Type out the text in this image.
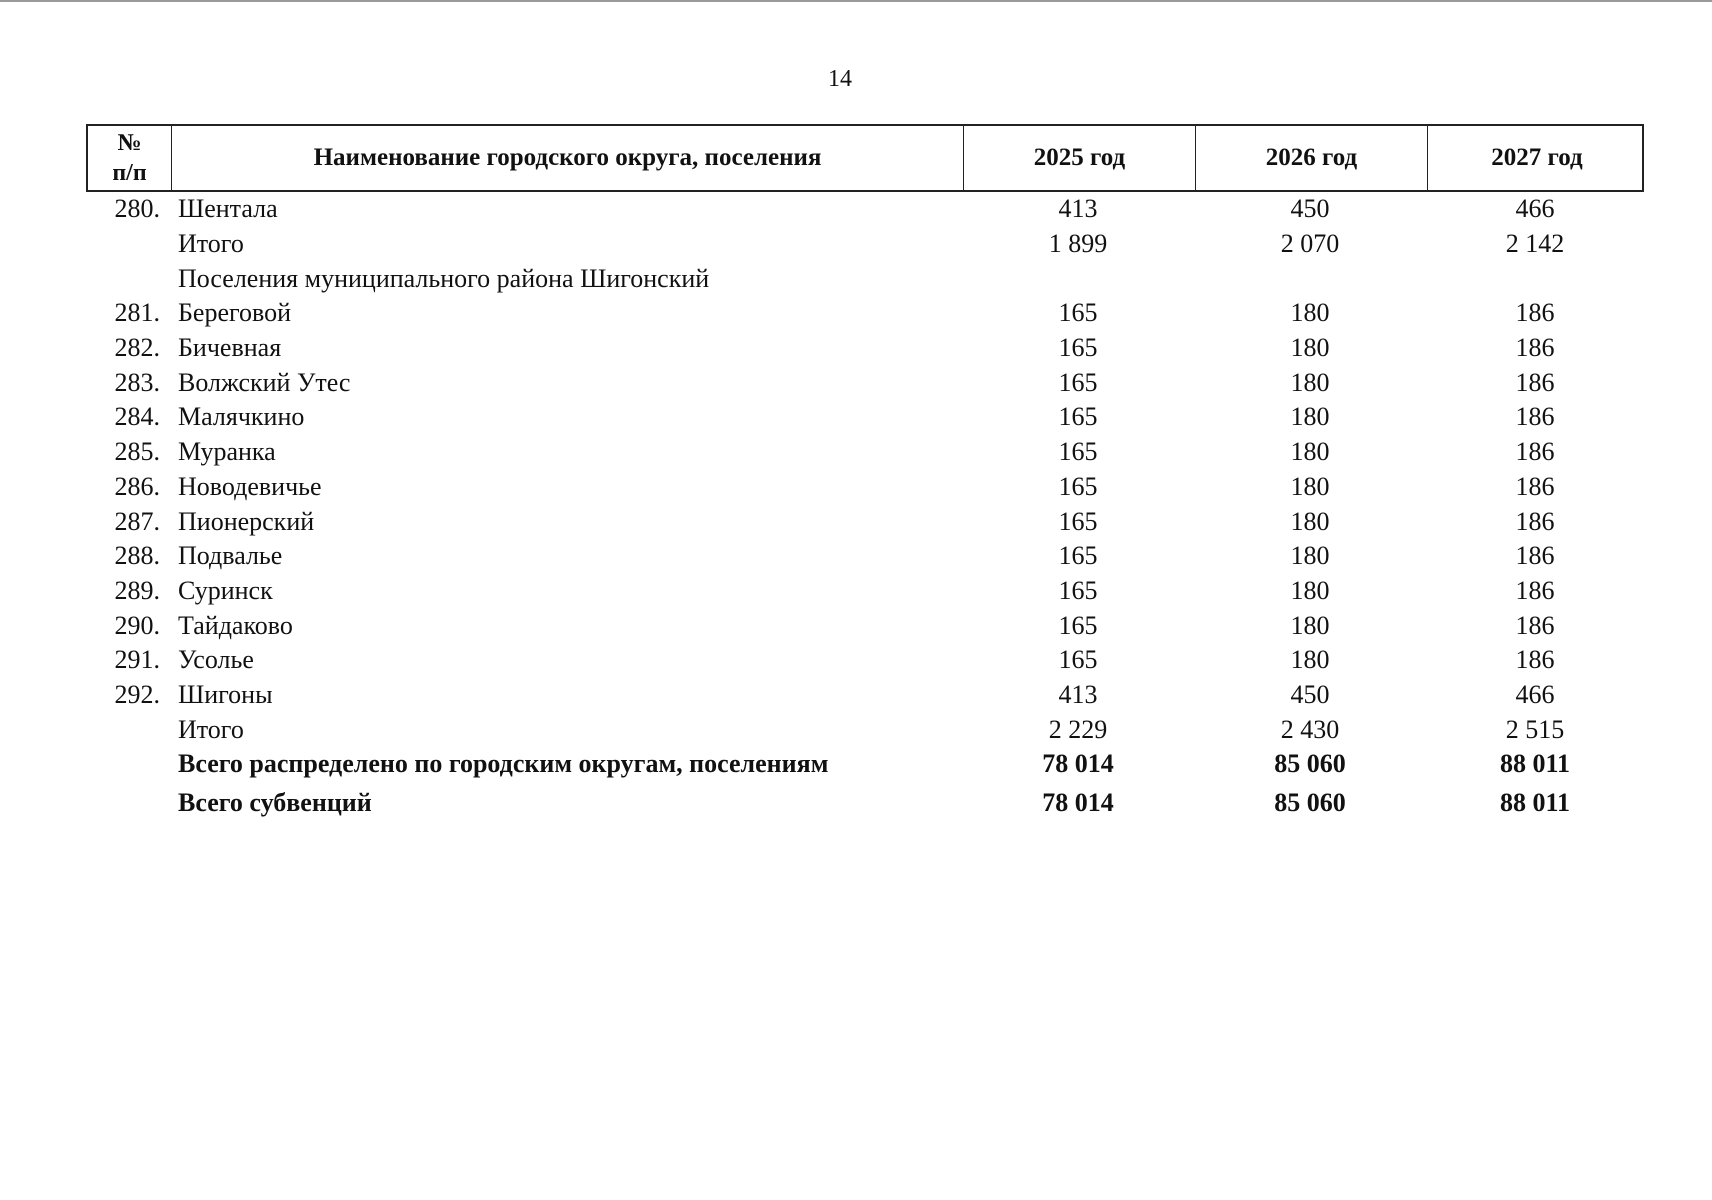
14
№
п/п
Наименование городского округа, поселения	2025 год	2026 год	2027 год
280. Шентала	413	450	466
Итого	1 899	2 070	2 142
Поселения муниципального района Шигонский
281. Береговой	165	180	186
282. Бичевная	165	180	186
283. Волжский Утес	165	180	186
284. Малячкино	165	180	186
285. Муранка	165	180	186
286. Новодевичье	165	180	186
287. Пионерский	165	180	186
288. Подвалье	165	180	186
289. Суринск	165	180	186
290. Тайдаково	165	180	186
291. Усолье	165	180	186
292. Шигоны	413	450	466
Итого	2 229	2 430	2 515
Всего распределено по городским округам, поселениям	78 014	85 060	88 011
Всего субвенций	78 014	85 060	88 011
